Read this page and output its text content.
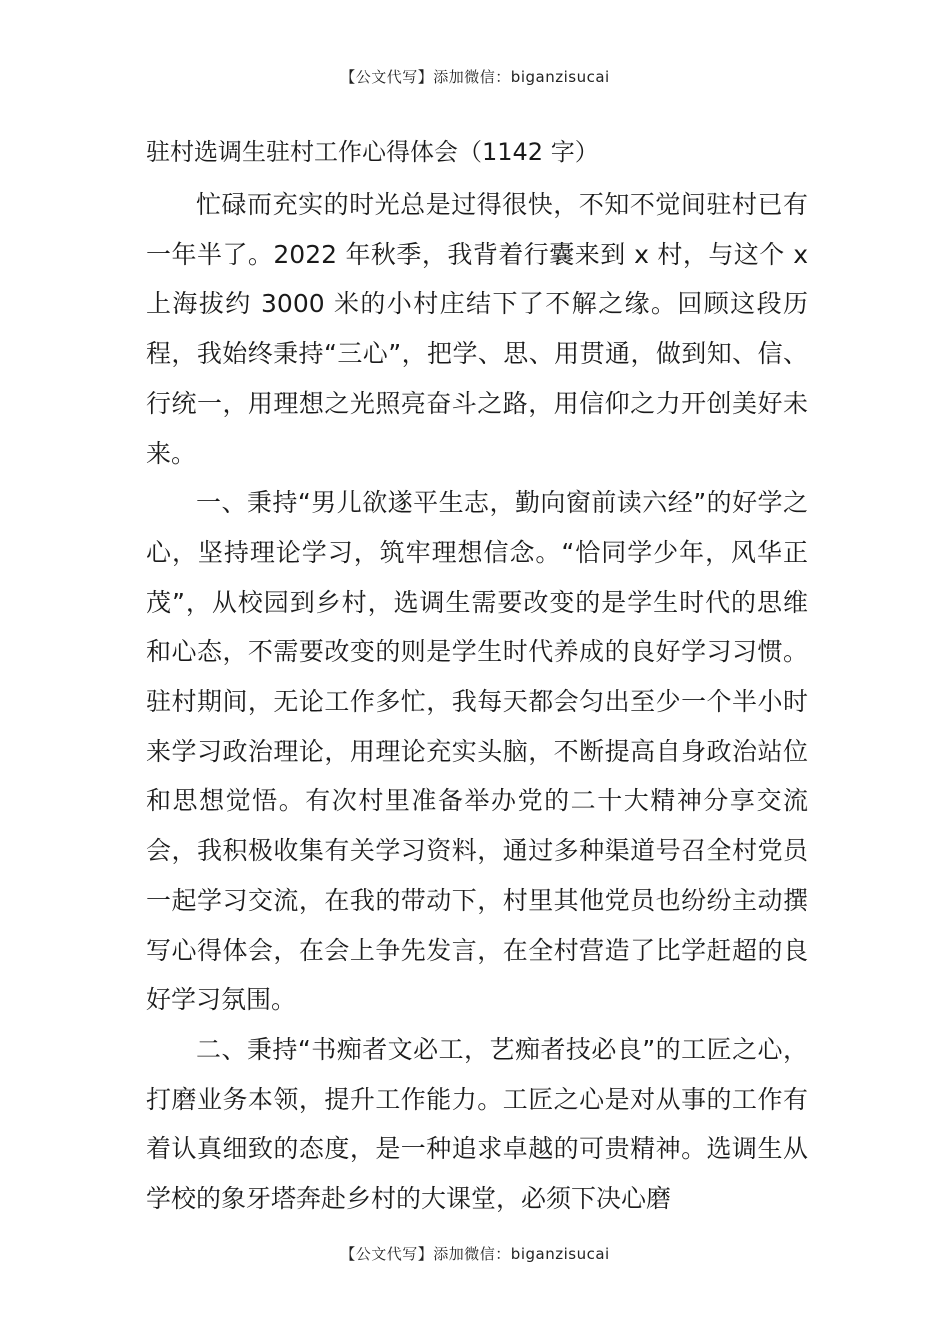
【公文代写】添加微信：biganzisucai
驻村选调生驻村工作心得体会（1142 字）

忙碌而充实的时光总是过得很快，不知不觉间驻村已有一年半了。2022 年秋季，我背着行囊来到 x 村，与这个 x 上海拔约 3000 米的小村庄结下了不解之缘。回顾这段历程，我始终秉持“三心”，把学、思、用贯通，做到知、信、行统一，用理想之光照亮奋斗之路，用信仰之力开创美好未来。

一、秉持“男儿欲遂平生志，勤向窗前读六经”的好学之心，坚持理论学习，筑牢理想信念。“恰同学少年，风华正茂”，从校园到乡村，选调生需要改变的是学生时代的思维和心态，不需要改变的则是学生时代养成的良好学习习惯。驻村期间，无论工作多忙，我每天都会匀出至少一个半小时来学习政治理论，用理论充实头脑，不断提高自身政治站位和思想觉悟。有次村里准备举办党的二十大精神分享交流会，我积极收集有关学习资料，通过多种渠道号召全村党员一起学习交流，在我的带动下，村里其他党员也纷纷主动撰写心得体会，在会上争先发言，在全村营造了比学赶超的良好学习氛围。

二、秉持“书痴者文必工，艺痴者技必良”的工匠之心，打磨业务本领，提升工作能力。工匠之心是对从事的工作有着认真细致的态度，是一种追求卓越的可贵精神。选调生从学校的象牙塔奔赴乡村的大课堂，必须下决心磨

【公文代写】添加微信：biganzisucai
